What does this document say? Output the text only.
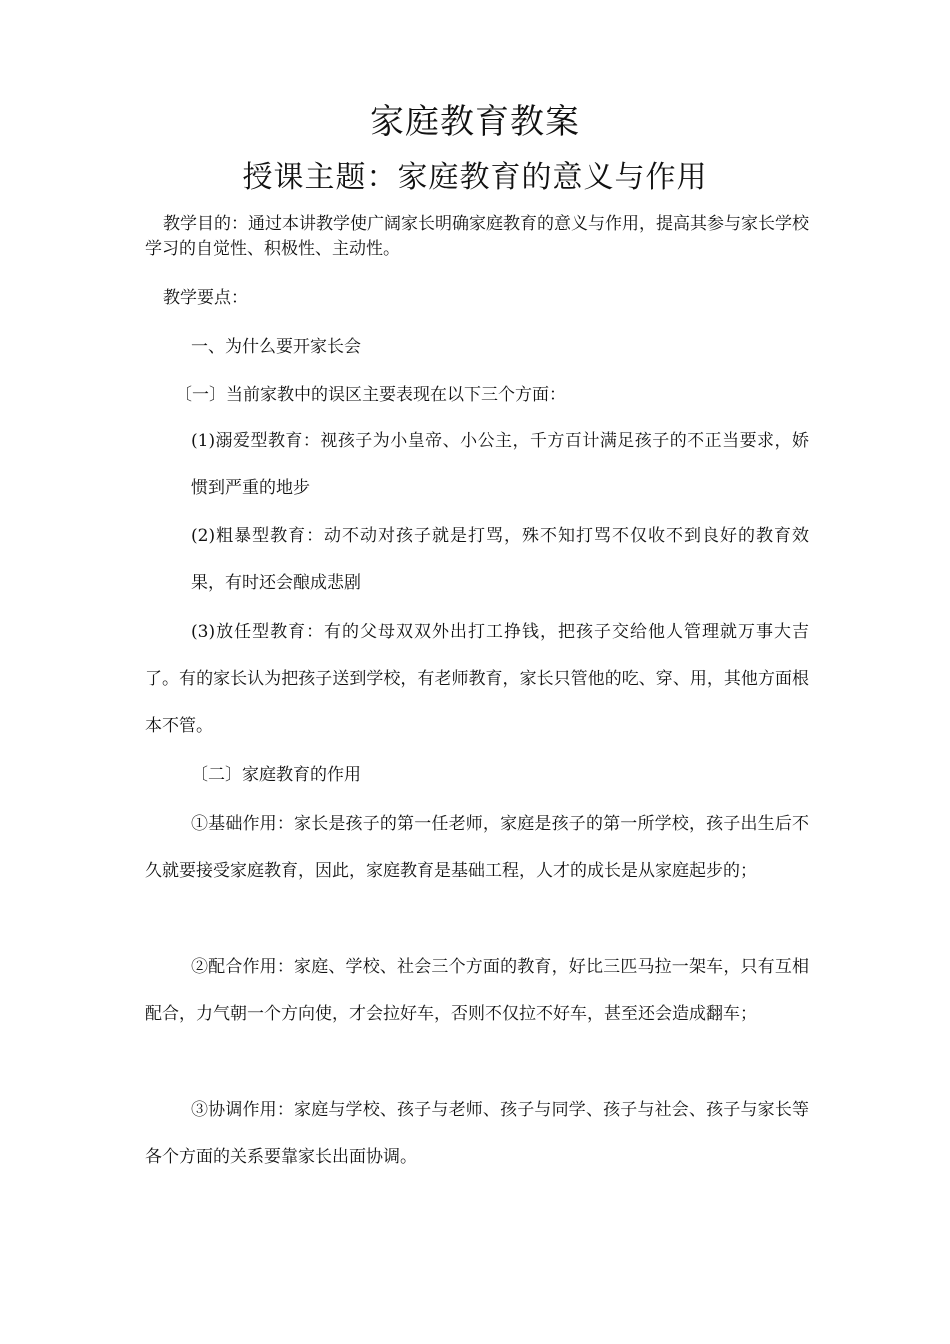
家庭教育教案
授课主题：家庭教育的意义与作用

教学目的：通过本讲教学使广阔家长明确家庭教育的意义与作用，提高其参与家长学校学习的自觉性、积极性、主动性。

教学要点：

一、为什么要开家长会

〔一〕当前家教中的误区主要表现在以下三个方面：

(1)溺爱型教育：视孩子为小皇帝、小公主，千方百计满足孩子的不正当要求，娇惯到严重的地步

(2)粗暴型教育：动不动对孩子就是打骂，殊不知打骂不仅收不到良好的教育效果，有时还会酿成悲剧

(3)放任型教育：有的父母双双外出打工挣钱，把孩子交给他人管理就万事大吉了。有的家长认为把孩子送到学校，有老师教育，家长只管他的吃、穿、用，其他方面根本不管。

〔二〕家庭教育的作用

①基础作用：家长是孩子的第一任老师，家庭是孩子的第一所学校，孩子出生后不久就要接受家庭教育，因此，家庭教育是基础工程，人才的成长是从家庭起步的；

②配合作用：家庭、学校、社会三个方面的教育，好比三匹马拉一架车，只有互相配合，力气朝一个方向使，才会拉好车，否则不仅拉不好车，甚至还会造成翻车；

③协调作用：家庭与学校、孩子与老师、孩子与同学、孩子与社会、孩子与家长等各个方面的关系要靠家长出面协调。
